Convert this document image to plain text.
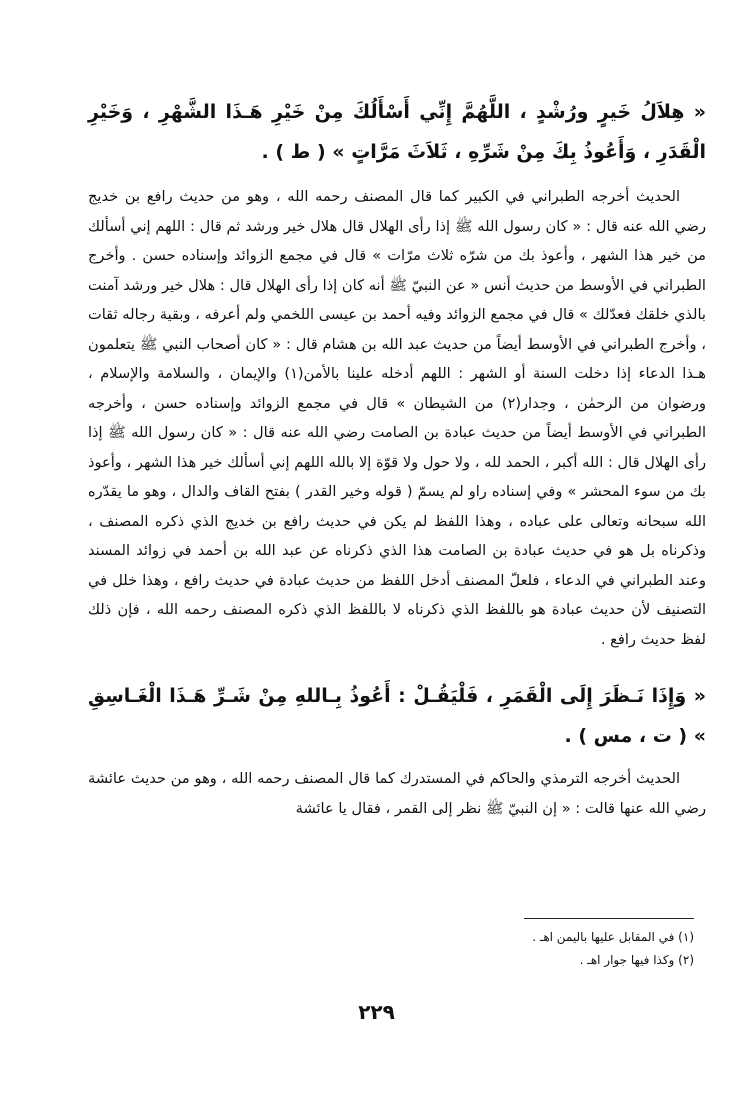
« هِلاَلُ خَيرٍ ورُشْدٍ ، اللَّهُمَّ إِنِّي أَسْأَلُكَ مِنْ خَيْرِ هَـذَا الشَّهْرِ ، وَخَيْرِ الْقَدَرِ ، وَأَعُوذُ بِكَ مِنْ شَرِّهِ ، ثَلاَثَ مَرَّاتٍ » ( ط ) .

الحديث أخرجه الطبراني في الكبير كما قال المصنف رحمه الله ، وهو من حديث رافع بن خديج رضي الله عنه قال : « كان رسول الله ﷺ إذا رأى الهلال قال هلال خير ورشد ثم قال : اللهم إني أسألك من خير هذا الشهر ، وأعوذ بك من شرّه ثلاث مرّات » قال في مجمع الزوائد وإسناده حسن . وأخرج الطبراني في الأوسط من حديث أنس « عن النبيّ ﷺ أنه كان إذا رأى الهلال قال : هلال خير ورشد آمنت بالذي خلقك فعدّلك » قال في مجمع الزوائد وفيه أحمد بن عيسى اللخمي ولم أعرفه ، وبقية رجاله ثقات ، وأخرج الطبراني في الأوسط أيضاً من حديث عبد الله بن هشام قال : « كان أصحاب النبي ﷺ يتعلمون هـذا الدعاء إذا دخلت السنة أو الشهر : اللهم أدخله علينا بالأمن(١) والإيمان ، والسلامة والإسلام ، ورضوان من الرحمٰن ، وجدار(٢) من الشيطان » قال في مجمع الزوائد وإسناده حسن ، وأخرجه الطبراني في الأوسط أيضاً من حديث عبادة بن الصامت رضي الله عنه قال : « كان رسول الله ﷺ إذا رأى الهلال قال : الله أكبر ، الحمد لله ، ولا حول ولا قوّة إلا بالله اللهم إني أسألك خير هذا الشهر ، وأعوذ بك من سوء المحشر » وفي إسناده راو لم يسمّ ( قوله وخير القدر ) بفتح القاف والدال ، وهو ما يقدّره الله سبحانه وتعالى على عباده ، وهذا اللفظ لم يكن في حديث رافع بن خديج الذي ذكره المصنف ، وذكرناه بل هو في حديث عبادة بن الصامت هذا الذي ذكرناه عن عبد الله بن أحمد في زوائد المسند وعند الطبراني في الدعاء ، فلعلّ المصنف أدخل اللفظ من حديث عبادة في حديث رافع ، وهذا خلل في التصنيف لأن حديث عبادة هو باللفظ الذي ذكرناه لا باللفظ الذي ذكره المصنف رحمه الله ، فإن ذلك لفظ حديث رافع .

« وَإِذَا نَـظَرَ إِلَى الْقَمَرِ ، فَلْيَقُـلْ : أَعُوذُ بِـاللهِ مِنْ شَـرِّ هَـذَا الْغَـاسِقِ » ( ت ، مس ) .

الحديث أخرجه الترمذي والحاكم في المستدرك كما قال المصنف رحمه الله ، وهو من حديث عائشة رضي الله عنها قالت : « إن النبيّ ﷺ نظر إلى القمر ، فقال يا عائشة

(١) في المقابل عليها باليمن اهـ .
(٢) وكذا فيها جوار اهـ .
٢٢٩
